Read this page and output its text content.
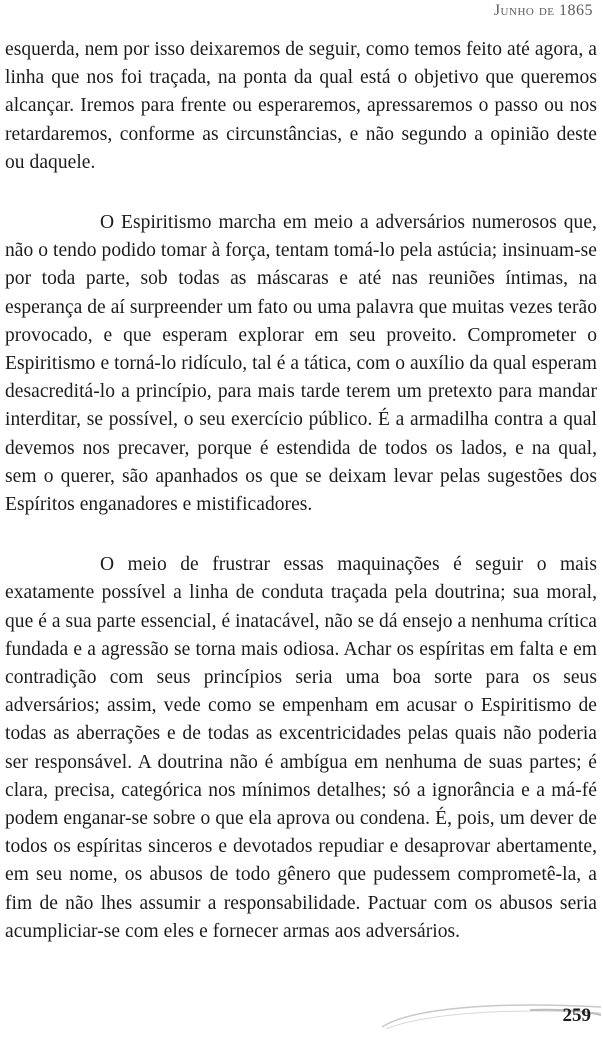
Junho de 1865

esquerda, nem por isso deixaremos de seguir, como temos feito até agora, a linha que nos foi traçada, na ponta da qual está o objetivo que queremos alcançar. Iremos para frente ou esperaremos, apressaremos o passo ou nos retardaremos, conforme as circunstâncias, e não segundo a opinião deste ou daquele.

O Espiritismo marcha em meio a adversários numerosos que, não o tendo podido tomar à força, tentam tomá-lo pela astúcia; insinuam-se por toda parte, sob todas as máscaras e até nas reuniões íntimas, na esperança de aí surpreender um fato ou uma palavra que muitas vezes terão provocado, e que esperam explorar em seu proveito. Comprometer o Espiritismo e torná-lo ridículo, tal é a tática, com o auxílio da qual esperam desacreditá-lo a princípio, para mais tarde terem um pretexto para mandar interditar, se possível, o seu exercício público. É a armadilha contra a qual devemos nos precaver, porque é estendida de todos os lados, e na qual, sem o querer, são apanhados os que se deixam levar pelas sugestões dos Espíritos enganadores e mistificadores.

O meio de frustrar essas maquinações é seguir o mais exatamente possível a linha de conduta traçada pela doutrina; sua moral, que é a sua parte essencial, é inatacável, não se dá ensejo a nenhuma crítica fundada e a agressão se torna mais odiosa. Achar os espíritas em falta e em contradição com seus princípios seria uma boa sorte para os seus adversários; assim, vede como se empenham em acusar o Espiritismo de todas as aberrações e de todas as excentricidades pelas quais não poderia ser responsável. A doutrina não é ambígua em nenhuma de suas partes; é clara, precisa, categórica nos mínimos detalhes; só a ignorância e a má-fé podem enganar-se sobre o que ela aprova ou condena. É, pois, um dever de todos os espíritas sinceros e devotados repudiar e desaprovar abertamente, em seu nome, os abusos de todo gênero que pudessem comprometê-la, a fim de não lhes assumir a responsabilidade. Pactuar com os abusos seria acumpliciar-se com eles e fornecer armas aos adversários.

259
